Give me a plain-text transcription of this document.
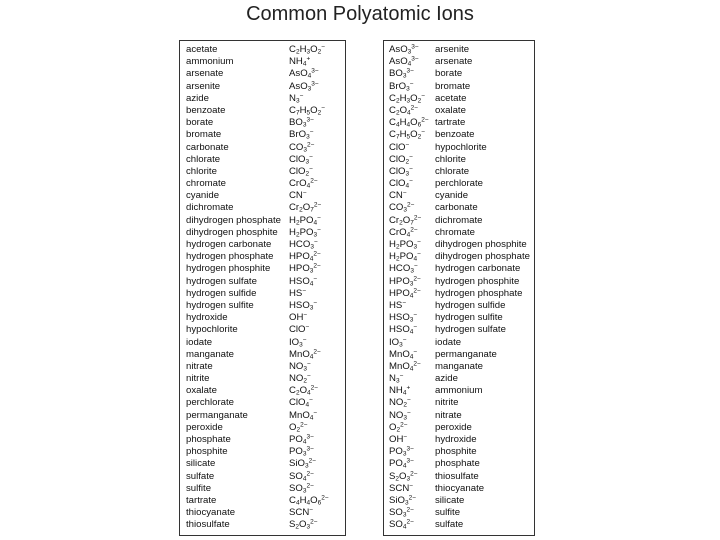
Common Polyatomic Ions
acetate	$C_2H_3O_2^-$
ammonium	$NH_4^+$
arsenate	AsO$_4^{3-}$
arsenite	AsO$_3^{3-}$
azide	$N_3^-$
benzoate	$C_7H_5O_2^-$
borate	$BO_3^{3-}$
bromate	BrO$_3$−
carbonate	$CO_3^{2-}$
chlorate	ClO$_3$−
chlorite	ClO$_2$−
chromate	CrO$_4^{2-}$
cyanide	CN−
dichromate	$Cr_2O_7^{2-}$
dihydrogen phosphate $H_2PO_4^-$
dihydrogen phosphite $H_2PO_3^-$
hydrogen carbonate $HCO_3^-$
hydrogen phosphate $HPO_4^{2-}$
hydrogen phosphite $HPO_3^{2-}$
hydrogen sulfate	$HSO_4^-$
hydrogen sulfide	HS−
hydrogen sulfite	$HSO_3^-$
hydroxide	OH−
hypochlorite	ClO−
iodate	$IO_3^-$
manganate	MnO$_4^{2-}$
nitrate	$NO_3^-$
nitrite	$NO_2^-$
oxalate	$C_2O_4^{2-}$
perchlorate	ClO$_4$−
permanganate	MnO$_4$−
peroxide	$O_2^{2-}$
phosphate	$PO_4^{3-}$
phosphite	$PO_3^{3-}$
silicate	SiO$_3^{2-}$
sulfate	$SO_4^{2-}$
sulfite	$SO_3^{2-}$
tartrate	$C_4H_4O_6^{2-}$
thiocyanate	SCN−
thiosulfate	$S_2O_3^{2-}$
AsO$_3^{3-}$ arsenite
AsO$_4^{3-}$ arsenate
$BO_3^{3-}$ borate
BrO$_3$− bromate
$C_2H_3O_2^-$ acetate
$C_2O_4^{2-}$ oxalate
$C_4H_4O_6^{2-}$ tartrate
$C_7H_5O_2^-$ benzoate
ClO−	hypochlorite
ClO$_2$− chlorite
ClO$_3$− chlorate
ClO$_4$− perchlorate
CN−	cyanide
$CO_3^{2-}$ carbonate
$Cr_2O_7^{2-}$ dichromate
CrO$_4^{2-}$ chromate
$H_2PO_3^-$ dihydrogen phosphite
$H_2PO_4^-$ dihydrogen phosphate
$HCO_3^-$ hydrogen carbonate
$HPO_3^{2-}$ hydrogen phosphite
$HPO_4^{2-}$ hydrogen phosphate
HS−	hydrogen sulfide
$HSO_3^-$ hydrogen sulfite
$HSO_4^-$ hydrogen sulfate
$IO_3^-$	iodate
MnO$_4$− permanganate
MnO$_4^{2-}$ manganate
$N_3^-$	azide
$NH_4^+$	ammonium
$NO_2^-$	nitrite
$NO_3^-$	nitrate
$O_2^{2-}$	peroxide
OH−	hydroxide
$PO_3^{3-}$ phosphite
$PO_4^{3-}$ phosphate
$S_2O_3^{2-}$ thiosulfate
SCN− thiocyanate
SiO$_3^{2-}$ silicate
$SO_3^{2-}$ sulfite
$SO_4^{2-}$ sulfate
